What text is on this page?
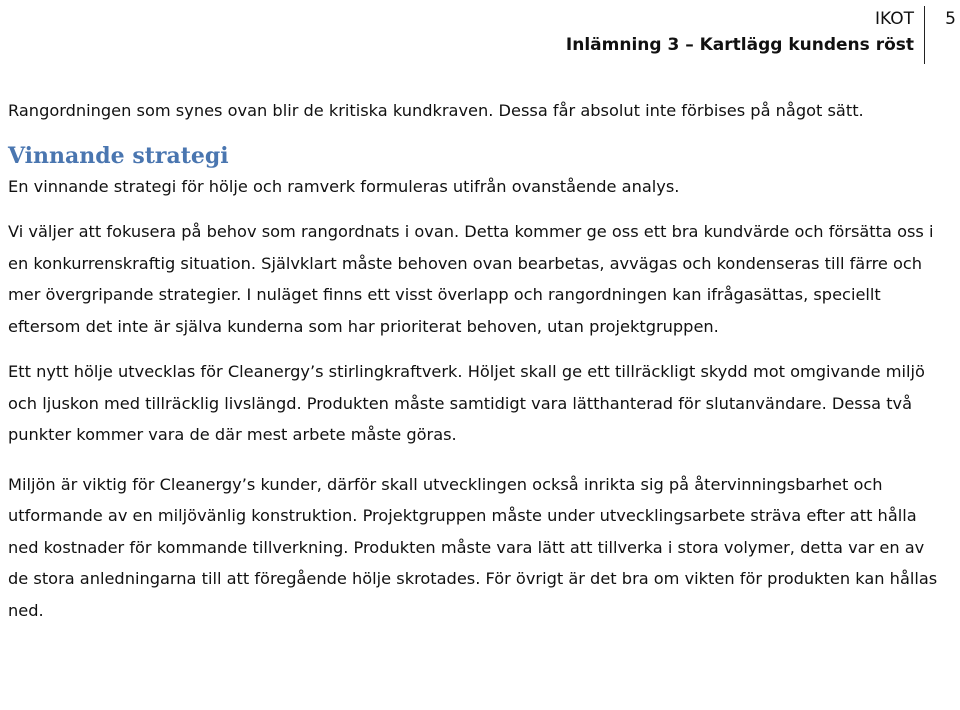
IKOT
Inlämning 3 – Kartlägg kundens röst
5

Rangordningen som synes ovan blir de kritiska kundkraven. Dessa får absolut inte förbises på något sätt.

Vinnande strategi

En vinnande strategi för hölje och ramverk formuleras utifrån ovanstående analys.

Vi väljer att fokusera på behov som rangordnats i ovan. Detta kommer ge oss ett bra kundvärde och försätta oss i en konkurrenskraftig situation. Självklart måste behoven ovan bearbetas, avvägas och kondenseras till färre och mer övergripande strategier. I nuläget finns ett visst överlapp och rangordningen kan ifrågasättas, speciellt eftersom det inte är själva kunderna som har prioriterat behoven, utan projektgruppen.

Ett nytt hölje utvecklas för Cleanergy’s stirlingkraftverk. Höljet skall ge ett tillräckligt skydd mot omgivande miljö och ljuskon med tillräcklig livslängd. Produkten måste samtidigt vara lätthanterad för slutanvändare. Dessa två punkter kommer vara de där mest arbete måste göras.

Miljön är viktig för Cleanergy’s kunder, därför skall utvecklingen också inrikta sig på återvinningsbarhet och utformande av en miljövänlig konstruktion. Projektgruppen måste under utvecklingsarbete sträva efter att hålla ned kostnader för kommande tillverkning. Produkten måste vara lätt att tillverka i stora volymer, detta var en av de stora anledningarna till att föregående hölje skrotades. För övrigt är det bra om vikten för produkten kan hållas ned.
